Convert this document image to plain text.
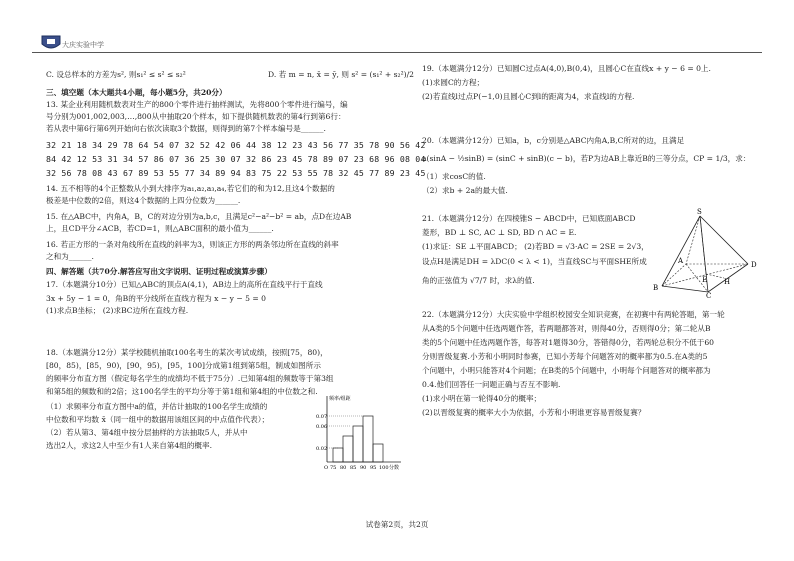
大庆实验中学
C. 设总样本的方差为s², 则s₁² ≤ s² ≤ s₂²	D. 若 m = n, x̄ = ȳ, 则 s² = (s₁² + s₂²)/2
三、填空题（本大题共4小题，每小题5分，共20分）
13. 某企业利用随机数表对生产的800个零件进行抽样测试，先将800个零件进行编号，编
号分别为001,002,003,…,800从中抽取20个样本，如下提供随机数表的第4行到第6行：
若从表中第6行第6列开始向右依次读取3个数据，则得到的第7个样本编号是______.
32 21 18 34 29 78 64 54 07 32 52 42 06 44 38 12 23 43 56 77 35 78 90 56 42
84 42 12 53 31 34 57 86 07 36 25 30 07 32 86 23 45 78 89 07 23 68 96 08 04
32 56 78 08 43 67 89 53 55 77 34 89 94 83 75 22 53 55 78 32 45 77 89 23 45
14. 五不相等的4个正整数从小到大排序为a₁,a₂,a₃,a₄,若它们的和为12,且这4个数据的
极差是中位数的2倍，则这4个数据的上四分位数为______.
15. 在△ABC中，内角A，B，C的对边分别为a,b,c，且满足c²−a²−b² = ab，点D在边AB
上，且CD平分∠ACB，若CD=1，则△ABC面积的最小值为______.
16. 若正方形的一条对角线所在直线的斜率为3，则该正方形的两条邻边所在直线的斜率
之和为______.
四、解答题（共70分.解答应写出文字说明、证明过程或演算步骤）
17.（本题满分10分）已知△ABC的顶点A(4,1)，AB边上的高所在直线平行于直线
3x + 5y − 1 = 0，角B的平分线所在直线方程为 x − y − 5 = 0
(1)求点B坐标； (2)求BC边所在直线方程.
18.（本题满分12分）某学校随机抽取100名考生的某次考试成绩，按照[75，80)，
[80，85)，[85，90)，[90，95)，[95，100]分成第1组到第5组，制成如图所示
的频率分布直方图（假定每名学生的成绩均不低于75分）.已知第4组的频数等于第3组
和第5组的频数和的2倍；这100名学生的平均分等于第1组和第4组的中位数之和.
（1）求频率分布直方图中a的值，并估计抽取的100名学生成绩的
中位数和平均数 x̄（同一组中的数据用该组区间的中点值作代表）；
（2）若从第3、第4组中按分层抽样的方法抽取5人，并从中
选出2人，求这2人中至少有1人来自第4组的概率.
频率/组距
0.07
0.06
0.02
O 75 80 85 90 95 100 分数
19.（本题满分12分）已知圆C过点A(4,0),B(0,4)，且圆心C在直线x + y − 6 = 0上.
(1)求圆C的方程；
(2)若直线l过点P(−1,0)且圆心C到l的距离为4，求直线l的方程.
20.（本题满分12分）已知a，b，c分别是△ABC内角A,B,C所对的边，且满足
a(sinA − ½sinB) = (sinC + sinB)(c − b)，若P为边AB上靠近B的三等分点，CP = 1/3，求：
（1）求cosC的值.
（2）求b + 2a的最大值.
21.（本题满分12分）在四棱锥S − ABCD中，已知底面ABCD
菱形，BD ⊥ SC, AC ⊥ SD, BD ∩ AC = E.
(1)求证：SE ⊥平面ABCD； (2)若BD = √3·AC = 2SE = 2√3，
设点H是满足DH = λDC(0 < λ < 1)，当直线SC与平面SHE所成
角的正弦值为 √7/7 时，求λ的值.
S
A
B
C
D
E H
22.（本题满分12分）大庆实验中学组织校园安全知识竞赛，在初赛中有两轮答题，第一轮
从A类的5个问题中任选两题作答，若两题都答对，则得40分，否则得0分；第二轮从B
类的5个问题中任选两题作答，每答对1题得30分，答错得0分，若两轮总积分不低于60
分则晋级复赛.小芳和小明同时参赛，已知小芳每个问题答对的概率都为0.5.在A类的5
个问题中，小明只能答对4个问题；在B类的5个问题中，小明每个问题答对的概率都为
0.4.他们回答任一问题正确与否互不影响.
(1)求小明在第一轮得40分的概率；
(2)以晋级复赛的概率大小为依据，小芳和小明谁更容易晋级复赛？
试卷第2页，共2页
